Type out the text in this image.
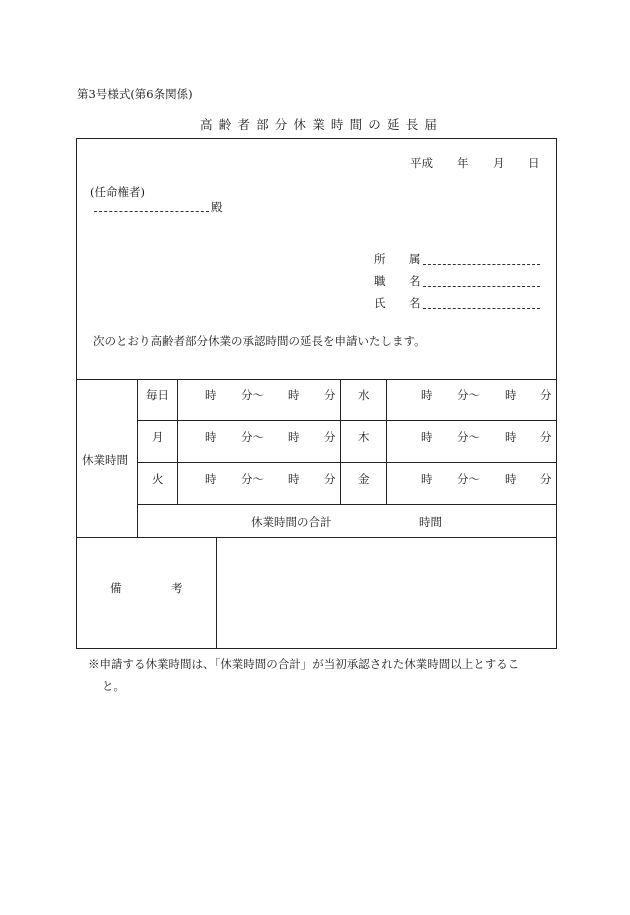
第3号様式(第6条関係)
高齢者部分休業時間の延長届
平成 年 月 日
(任命権者)
殿
所 属
職 名
氏 名
次のとおり高齢者部分休業の承認時間の延長を申請いたします。
休業時間
毎日	時 分〜 時 分 水	時 分〜 時 分
月	時 分〜 時 分 木	時 分〜 時 分
火	時 分〜 時 分 金	時 分〜 時 分
休業時間の合計	時間
備	考
※申請する休業時間は、「休業時間の合計」が当初承認された休業時間以上とするこ
と。
